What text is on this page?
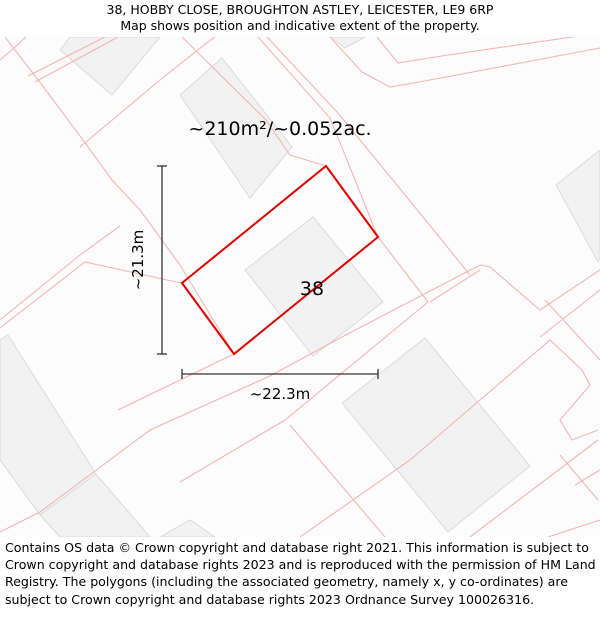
38, HOBBY CLOSE, BROUGHTON ASTLEY, LEICESTER, LE9 6RP
Map shows position and indicative extent of the property.
~21.3m
~22.3m
~210m²/~0.052ac.
38
Contains OS data © Crown copyright and database right 2021. This information is subject to Crown copyright and database rights 2023 and is reproduced with the permission of HM Land Registry. The polygons (including the associated geometry, namely x, y co-ordinates) are subject to Crown copyright and database rights 2023 Ordnance Survey 100026316.
